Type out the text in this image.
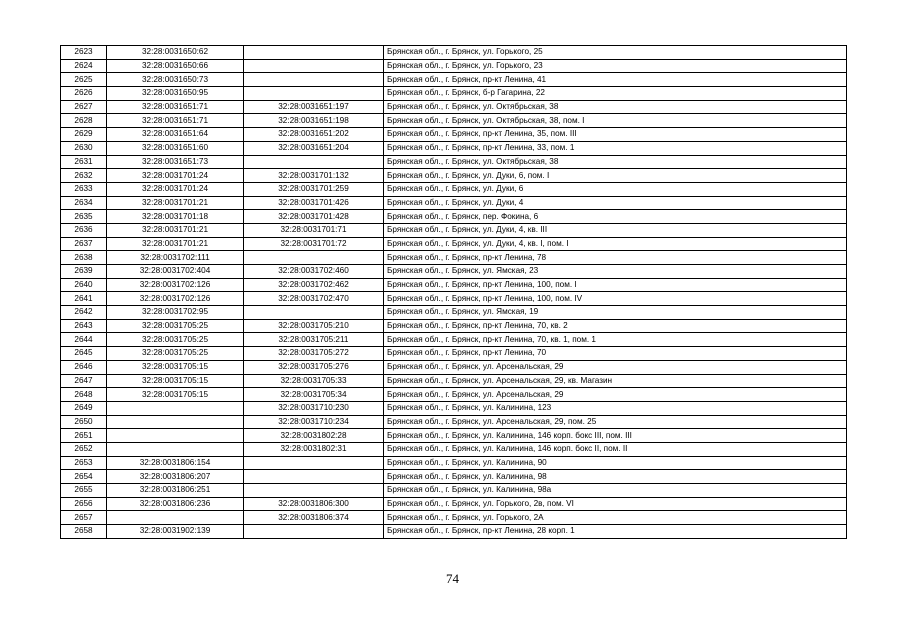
2623	32:28:0031650:62		Брянская обл., г. Брянск, ул. Горького, 25
2624	32:28:0031650:66		Брянская обл., г. Брянск, ул. Горького, 23
2625	32:28:0031650:73		Брянская обл., г. Брянск, пр-кт Ленина, 41
2626	32:28:0031650:95		Брянская обл., г. Брянск, б-р Гагарина, 22
2627	32:28:0031651:71	32:28:0031651:197	Брянская обл., г. Брянск, ул. Октябрьская, 38
2628	32:28:0031651:71	32:28:0031651:198	Брянская обл., г. Брянск, ул. Октябрьская, 38, пом. I
2629	32:28:0031651:64	32:28:0031651:202	Брянская обл., г. Брянск, пр-кт Ленина, 35, пом. III
2630	32:28:0031651:60	32:28:0031651:204	Брянская обл., г. Брянск, пр-кт Ленина, 33, пом. 1
2631	32:28:0031651:73		Брянская обл., г. Брянск, ул. Октябрьская, 38
2632	32:28:0031701:24	32:28:0031701:132	Брянская обл., г. Брянск, ул. Дуки, 6, пом. I
2633	32:28:0031701:24	32:28:0031701:259	Брянская обл., г. Брянск, ул. Дуки, 6
2634	32:28:0031701:21	32:28:0031701:426	Брянская обл., г. Брянск, ул. Дуки, 4
2635	32:28:0031701:18	32:28:0031701:428	Брянская обл., г. Брянск, пер. Фокина, 6
2636	32:28:0031701:21	32:28:0031701:71	Брянская обл., г. Брянск, ул. Дуки, 4, кв. III
2637	32:28:0031701:21	32:28:0031701:72	Брянская обл., г. Брянск, ул. Дуки, 4, кв. I, пом. I
2638	32:28:0031702:111		Брянская обл., г. Брянск, пр-кт Ленина, 78
2639	32:28:0031702:404	32:28:0031702:460	Брянская обл., г. Брянск, ул. Ямская, 23
2640	32:28:0031702:126	32:28:0031702:462	Брянская обл., г. Брянск, пр-кт Ленина, 100, пом. I
2641	32:28:0031702:126	32:28:0031702:470	Брянская обл., г. Брянск, пр-кт Ленина, 100, пом. IV
2642	32:28:0031702:95		Брянская обл., г. Брянск, ул. Ямская, 19
2643	32:28:0031705:25	32:28:0031705:210	Брянская обл., г. Брянск, пр-кт Ленина, 70, кв. 2
2644	32:28:0031705:25	32:28:0031705:211	Брянская обл., г. Брянск, пр-кт Ленина, 70, кв. 1, пом. 1
2645	32:28:0031705:25	32:28:0031705:272	Брянская обл., г. Брянск, пр-кт Ленина, 70
2646	32:28:0031705:15	32:28:0031705:276	Брянская обл., г. Брянск, ул. Арсенальская, 29
2647	32:28:0031705:15	32:28:0031705:33	Брянская обл., г. Брянск, ул. Арсенальская, 29, кв. Магазин
2648	32:28:0031705:15	32:28:0031705:34	Брянская обл., г. Брянск, ул. Арсенальская, 29
2649		32:28:0031710:230	Брянская обл., г. Брянск, ул. Калинина, 123
2650		32:28:0031710:234	Брянская обл., г. Брянск, ул. Арсенальская, 29, пом. 25
2651		32:28:0031802:28	Брянская обл., г. Брянск, ул. Калинина, 146 корп. бокс III, пом. III
2652		32:28:0031802:31	Брянская обл., г. Брянск, ул. Калинина, 146 корп. бокс II, пом. II
2653	32:28:0031806:154		Брянская обл., г. Брянск, ул. Калинина, 90
2654	32:28:0031806:207		Брянская обл., г. Брянск, ул. Калинина, 98
2655	32:28:0031806:251		Брянская обл., г. Брянск, ул. Калинина, 98а
2656	32:28:0031806:236	32:28:0031806:300	Брянская обл., г. Брянск, ул. Горького, 2в, пом. VI
2657		32:28:0031806:374	Брянская обл., г. Брянск, ул. Горького, 2А
2658	32:28:0031902:139		Брянская обл., г. Брянск, пр-кт Ленина, 28 корп. 1
74
